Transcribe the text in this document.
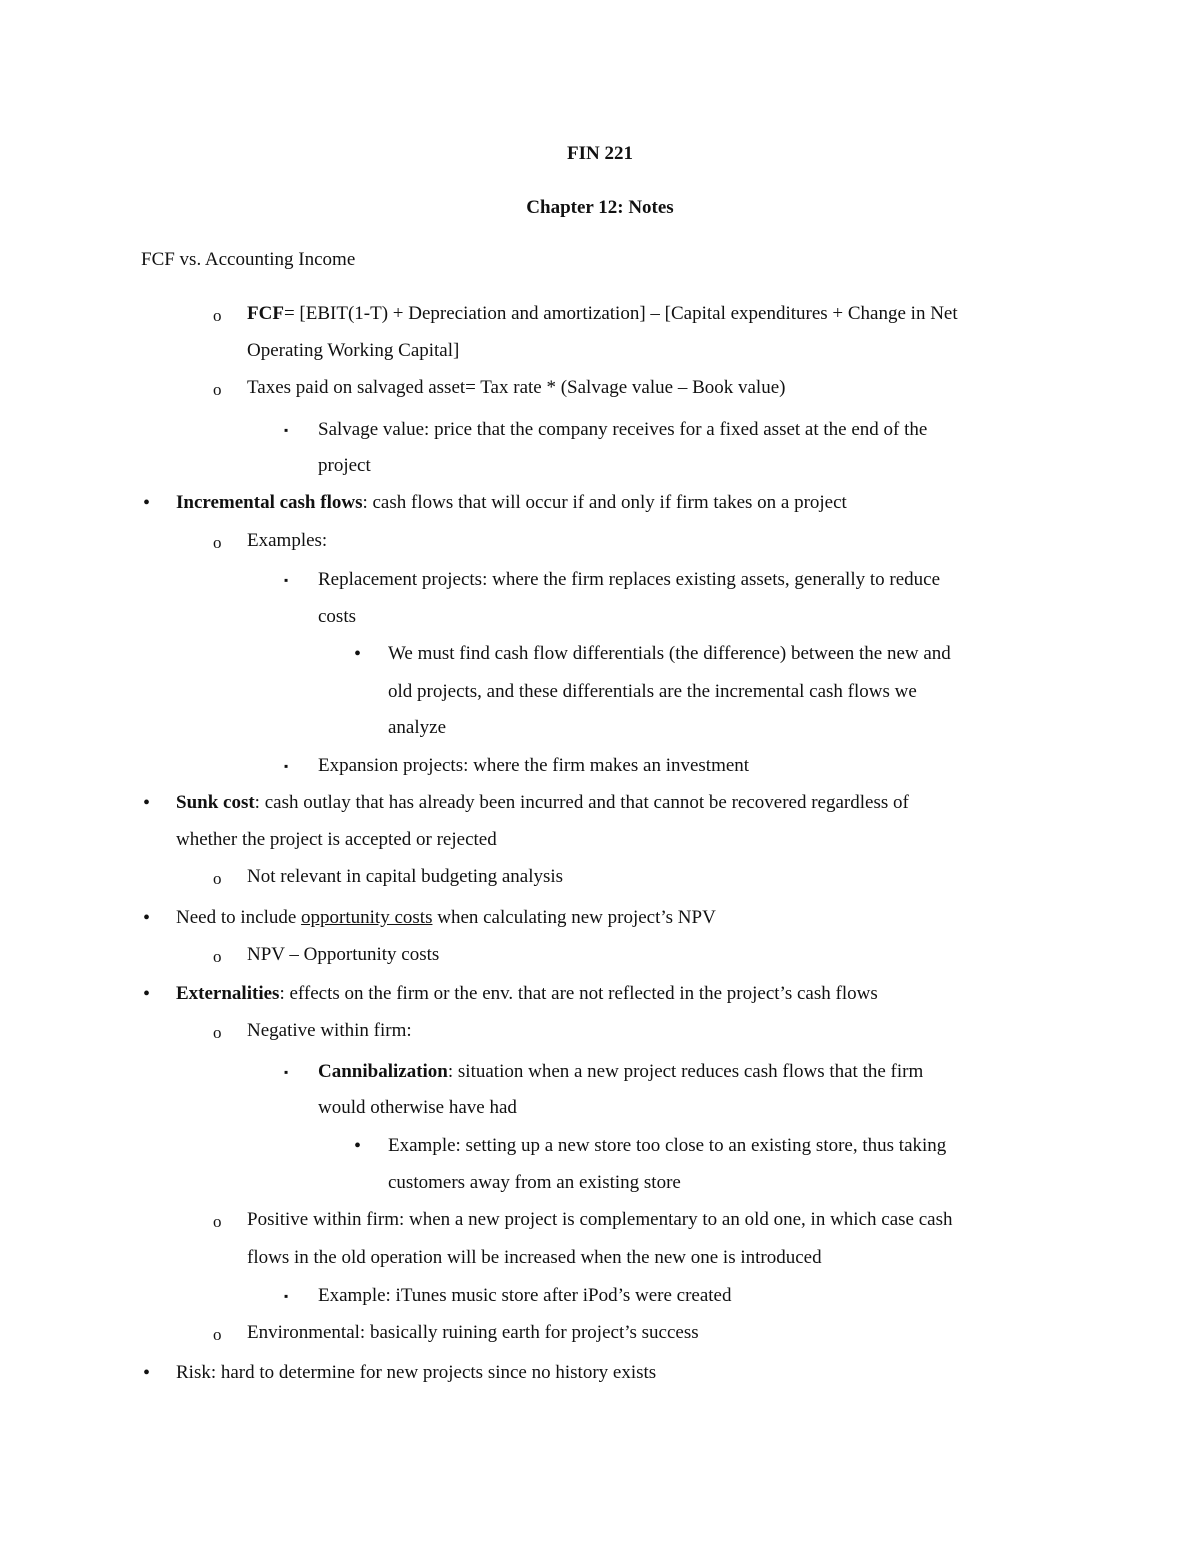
FIN 221
Chapter 12: Notes
FCF vs. Accounting Income
o FCF= [EBIT(1-T) + Depreciation and amortization] – [Capital expenditures + Change in Net
Operating Working Capital]
o Taxes paid on salvaged asset= Tax rate * (Salvage value – Book value)
▪ Salvage value: price that the company receives for a fixed asset at the end of the
project
• Incremental cash flows: cash flows that will occur if and only if firm takes on a project
o Examples:
▪ Replacement projects: where the firm replaces existing assets, generally to reduce
costs
• We must find cash flow differentials (the difference) between the new and
old projects, and these differentials are the incremental cash flows we
analyze
▪ Expansion projects: where the firm makes an investment
• Sunk cost: cash outlay that has already been incurred and that cannot be recovered regardless of
whether the project is accepted or rejected
o Not relevant in capital budgeting analysis
• Need to include opportunity costs when calculating new project’s NPV
o NPV – Opportunity costs
• Externalities: effects on the firm or the env. that are not reflected in the project’s cash flows
o Negative within firm:
▪ Cannibalization: situation when a new project reduces cash flows that the firm
would otherwise have had
• Example: setting up a new store too close to an existing store, thus taking
customers away from an existing store
o Positive within firm: when a new project is complementary to an old one, in which case cash
flows in the old operation will be increased when the new one is introduced
▪ Example: iTunes music store after iPod’s were created
o Environmental: basically ruining earth for project’s success
• Risk: hard to determine for new projects since no history exists
